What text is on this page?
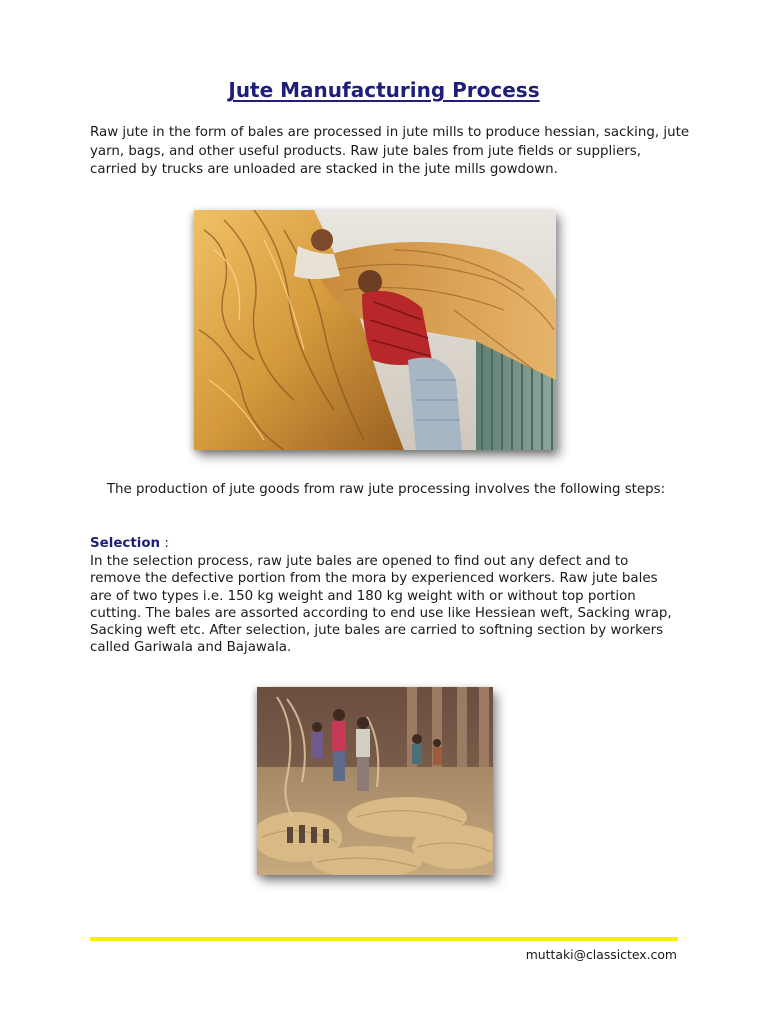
Jute Manufacturing Process

Raw jute in the form of bales are processed in jute mills to produce hessian, sacking, jute yarn, bags, and other useful products. Raw jute bales from jute fields or suppliers, carried by trucks are unloaded are stacked in the jute mills gowdown.

The production of jute goods from raw jute processing involves the following steps:

Selection :

In the selection process, raw jute bales are opened to find out any defect and to remove the defective portion from the mora by experienced workers. Raw jute bales are of two types i.e. 150 kg weight and 180 kg weight with or without top portion cutting. The bales are assorted according to end use like Hessiean weft, Sacking wrap, Sacking weft etc. After selection, jute bales are carried to softning section by workers called Gariwala and Bajawala.

muttaki@classictex.com
